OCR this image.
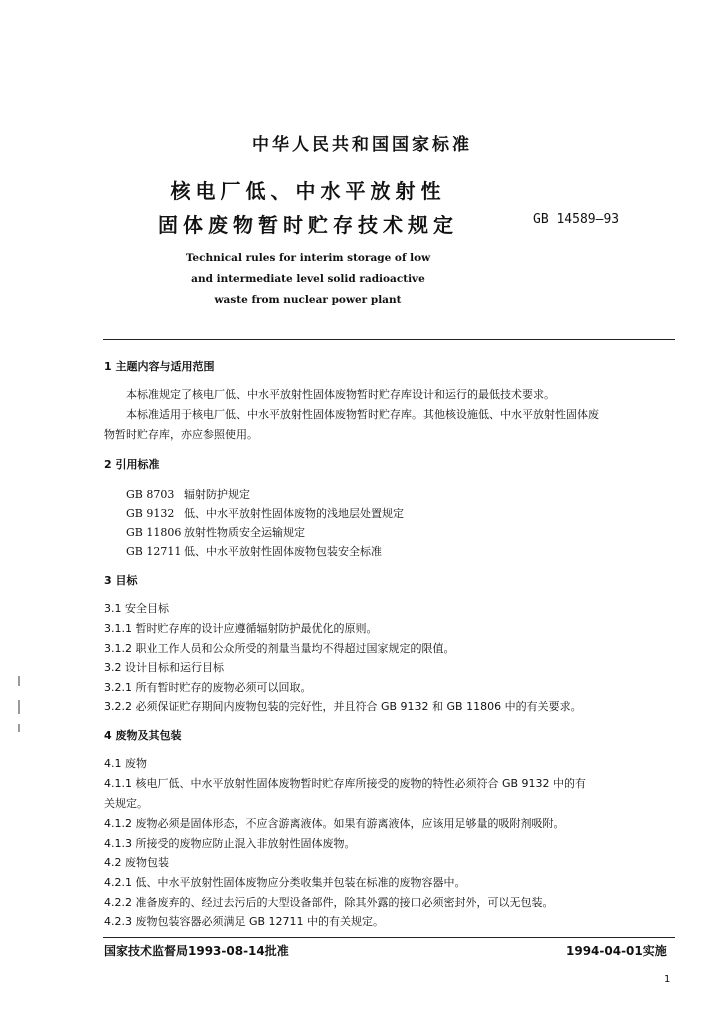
中华人民共和国国家标准
核电厂低、中水平放射性
固体废物暂时贮存技术规定	GB 14589—93
Technical rules for interim storage of low
and intermediate level solid radioactive
waste from nuclear power plant
1 主题内容与适用范围
本标准规定了核电厂低、中水平放射性固体废物暂时贮存库设计和运行的最低技术要求。
本标准适用于核电厂低、中水平放射性固体废物暂时贮存库。其他核设施低、中水平放射性固体废
物暂时贮存库，亦应参照使用。
2 引用标准
GB 8703 辐射防护规定
GB 9132 低、中水平放射性固体废物的浅地层处置规定
GB 11806 放射性物质安全运输规定
GB 12711 低、中水平放射性固体废物包装安全标准
3 目标
3.1 安全目标
3.1.1 暂时贮存库的设计应遵循辐射防护最优化的原则。
3.1.2 职业工作人员和公众所受的剂量当量均不得超过国家规定的限值。
3.2 设计目标和运行目标
3.2.1 所有暂时贮存的废物必须可以回取。
3.2.2 必须保证贮存期间内废物包装的完好性，并且符合 GB 9132 和 GB 11806 中的有关要求。
4 废物及其包装
4.1 废物
4.1.1 核电厂低、中水平放射性固体废物暂时贮存库所接受的废物的特性必须符合 GB 9132 中的有
关规定。
4.1.2 废物必须是固体形态，不应含游离液体。如果有游离液体，应该用足够量的吸附剂吸附。
4.1.3 所接受的废物应防止混入非放射性固体废物。
4.2 废物包装
4.2.1 低、中水平放射性固体废物应分类收集并包装在标准的废物容器中。
4.2.2 准备废弃的、经过去污后的大型设备部件，除其外露的接口必须密封外，可以无包装。
4.2.3 废物包装容器必须满足 GB 12711 中的有关规定。
国家技术监督局1993-08-14批准	1994-04-01实施
1
